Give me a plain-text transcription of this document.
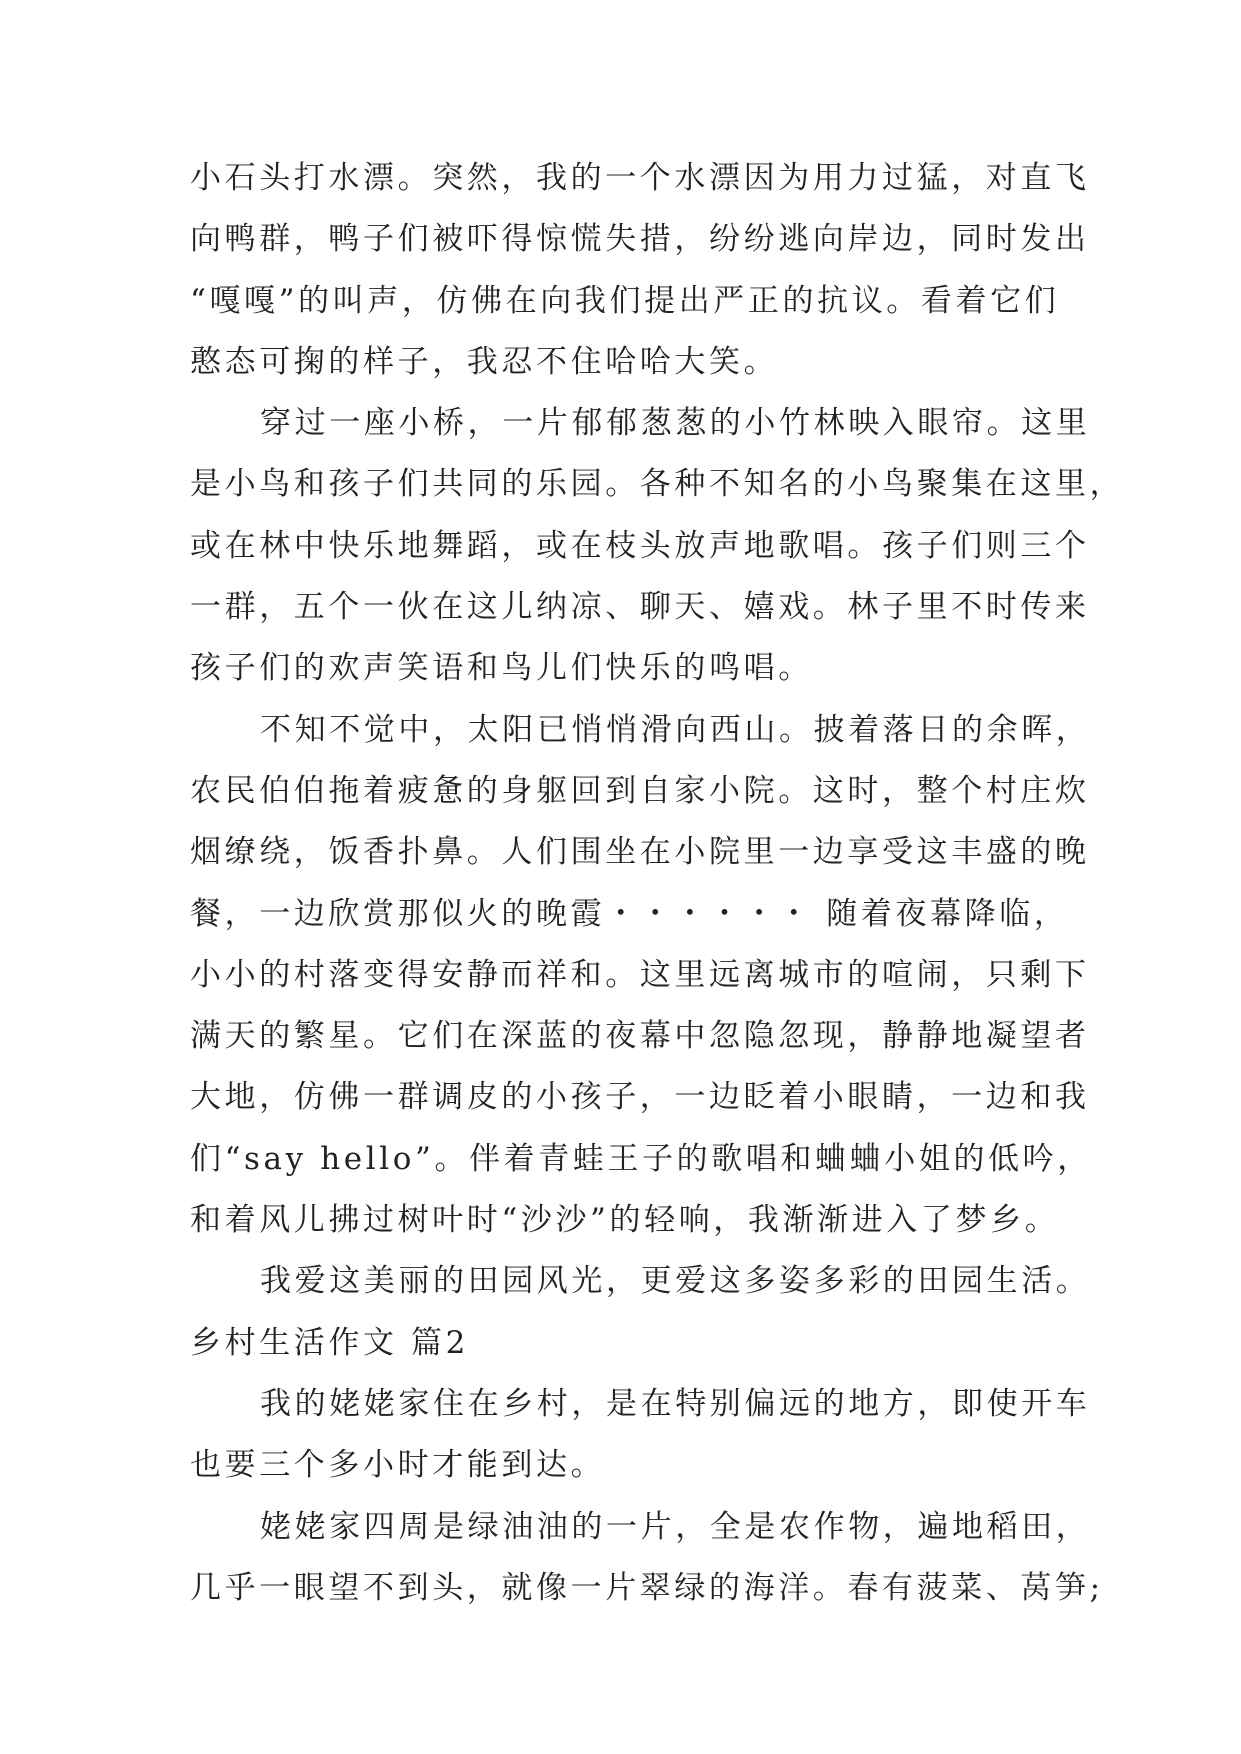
小石头打水漂。突然，我的一个水漂因为用力过猛，对直飞
向鸭群，鸭子们被吓得惊慌失措，纷纷逃向岸边，同时发出
“嘎嘎”的叫声，仿佛在向我们提出严正的抗议。看着它们
憨态可掬的样子，我忍不住哈哈大笑。
穿过一座小桥，一片郁郁葱葱的小竹林映入眼帘。这里
是小鸟和孩子们共同的乐园。各种不知名的小鸟聚集在这里，
或在林中快乐地舞蹈，或在枝头放声地歌唱。孩子们则三个
一群，五个一伙在这儿纳凉、聊天、嬉戏。林子里不时传来
孩子们的欢声笑语和鸟儿们快乐的鸣唱。
不知不觉中，太阳已悄悄滑向西山。披着落日的余晖，
农民伯伯拖着疲惫的身躯回到自家小院。这时，整个村庄炊
烟缭绕，饭香扑鼻。人们围坐在小院里一边享受这丰盛的晚
餐，一边欣赏那似火的晚霞・・・・・・ 随着夜幕降临，
小小的村落变得安静而祥和。这里远离城市的喧闹，只剩下
满天的繁星。它们在深蓝的夜幕中忽隐忽现，静静地凝望者
大地，仿佛一群调皮的小孩子，一边眨着小眼睛，一边和我
们“say hello”。伴着青蛙王子的歌唱和蛐蛐小姐的低吟，
和着风儿拂过树叶时“沙沙”的轻响，我渐渐进入了梦乡。
我爱这美丽的田园风光，更爱这多姿多彩的田园生活。
乡村生活作文 篇2
我的姥姥家住在乡村，是在特别偏远的地方，即使开车
也要三个多小时才能到达。
姥姥家四周是绿油油的一片，全是农作物，遍地稻田，
几乎一眼望不到头，就像一片翠绿的海洋。春有菠菜、莴笋;
